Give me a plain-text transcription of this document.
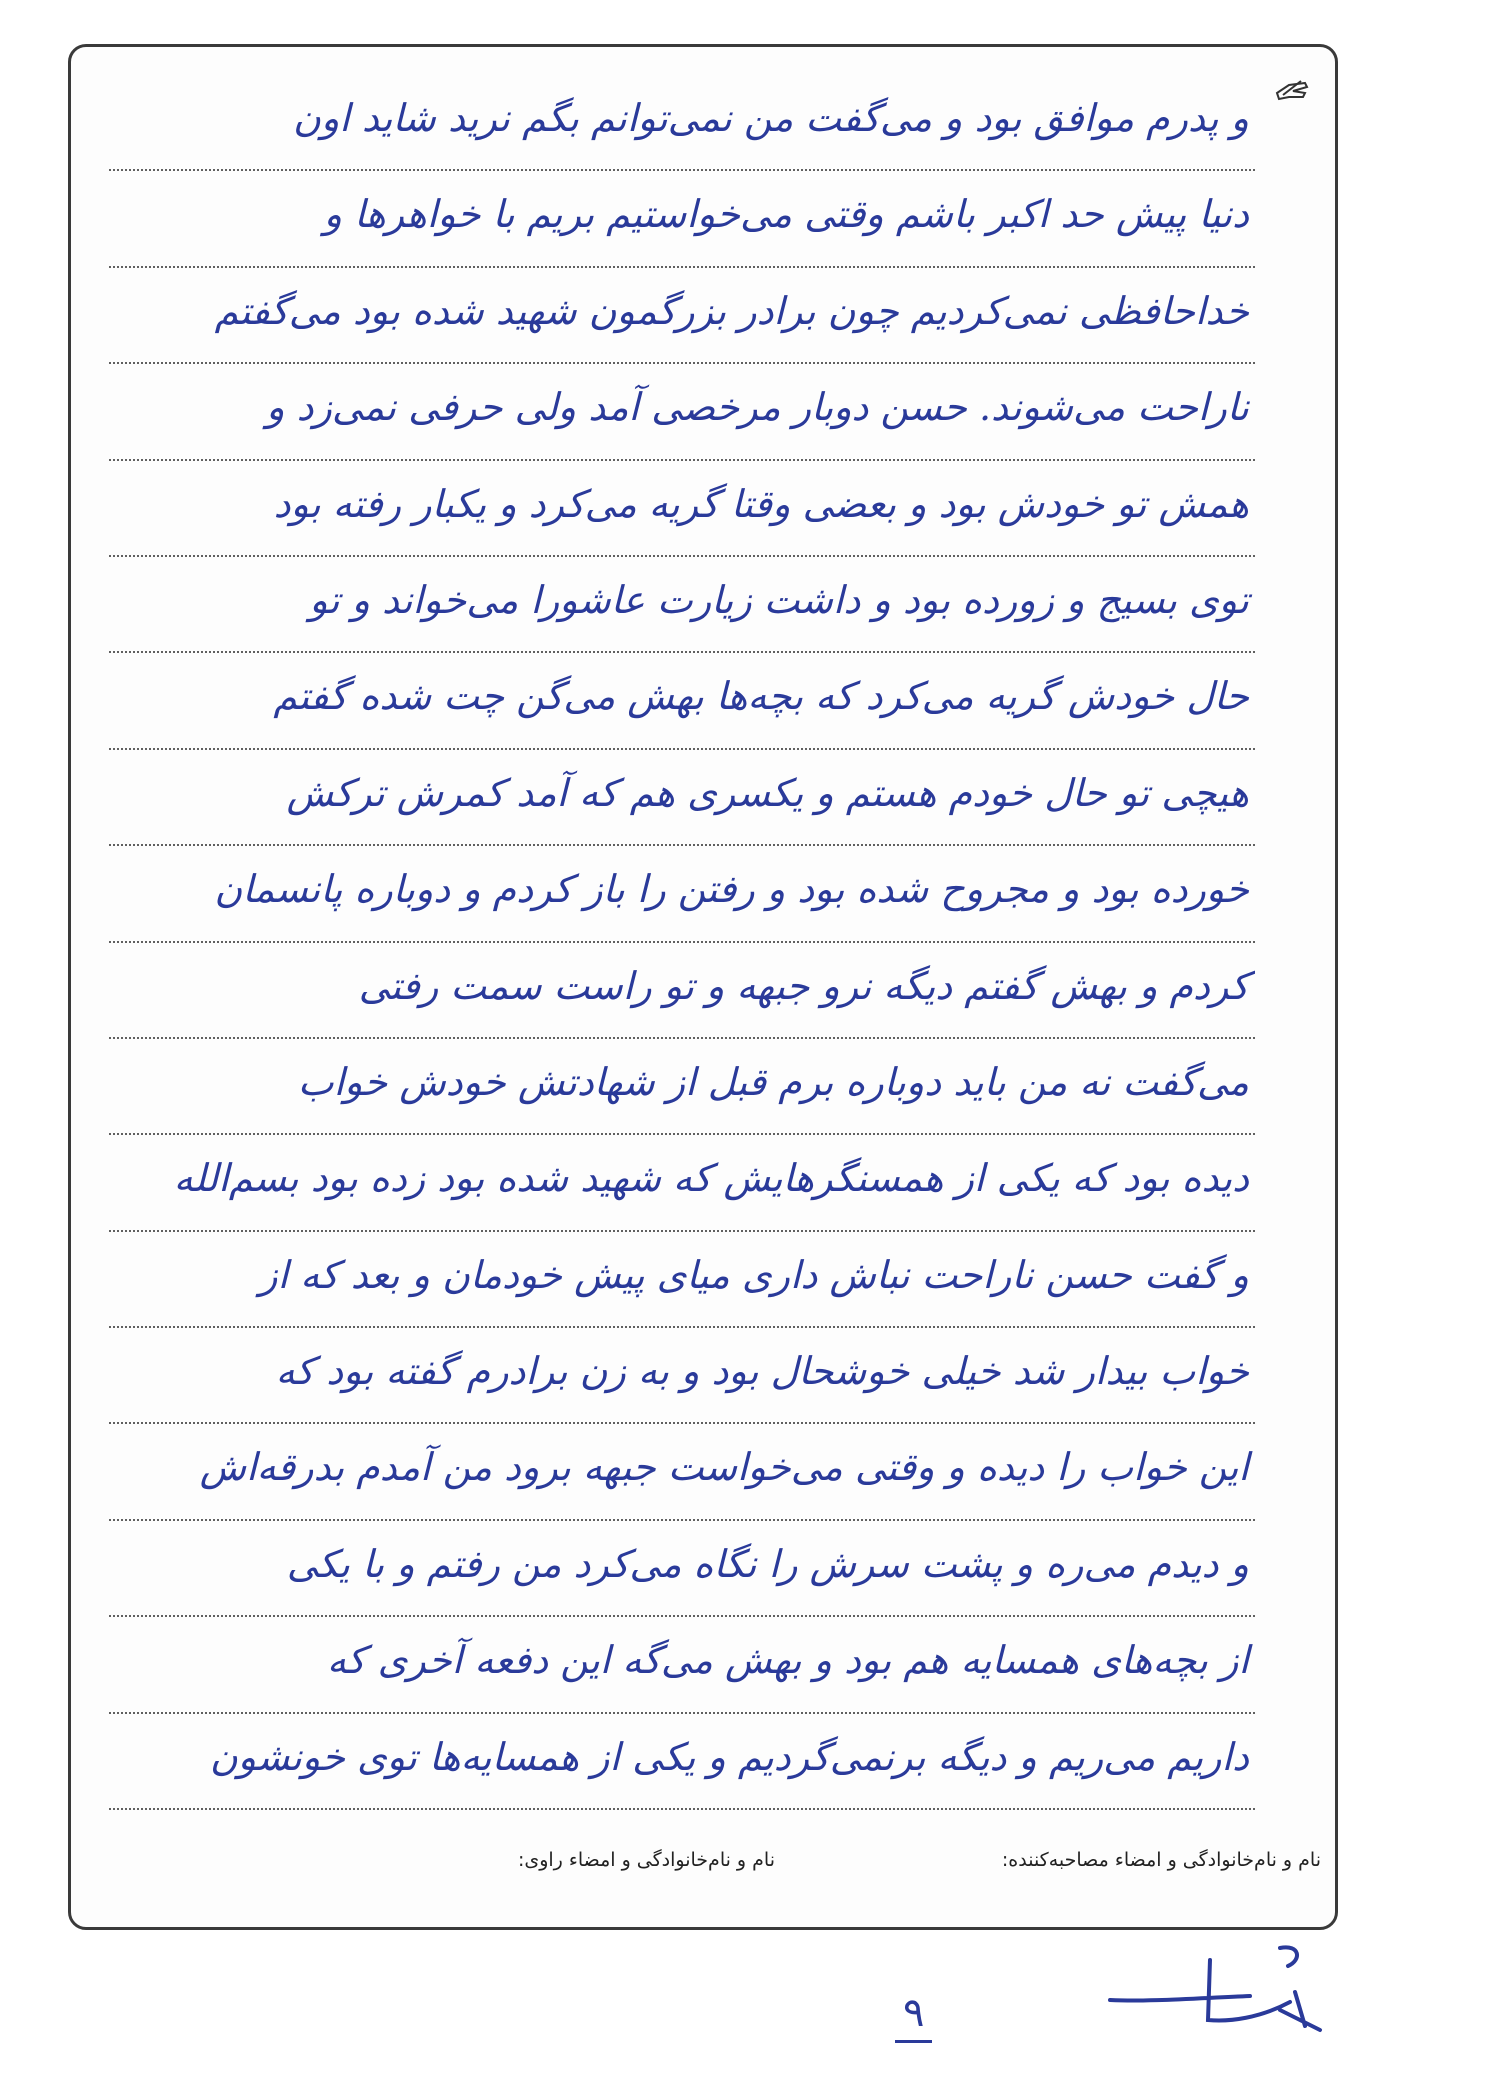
و پدرم موافق بود و می‌گفت من نمی‌توانم بگم نرید شاید اون
دنیا پیش حد اکبر باشم وقتی می‌خواستیم بریم با خواهرها و
خداحافظی نمی‌کردیم چون برادر بزرگمون شهید شده بود می‌گفتم
ناراحت می‌شوند. حسن دوبار مرخصی آمد ولی حرفی نمی‌زد و
همش تو خودش بود و بعضی وقتا گریه می‌کرد و یکبار رفته بود
توی بسیج و زورده بود و داشت زیارت عاشورا می‌خواند و تو
حال خودش گریه می‌کرد که بچه‌ها بهش می‌گن چت شده گفتم
هیچی تو حال خودم هستم و یکسری هم که آمد کمرش ترکش
خورده بود و مجروح شده بود و رفتن را باز کردم و دوباره پانسمان
کردم و بهش گفتم دیگه نرو جبهه و تو راست سمت رفتی
می‌گفت نه من باید دوباره برم قبل از شهادتش خودش خواب
دیده بود که یکی از همسنگرهایش که شهید شده بود زده بود بسم‌الله
و گفت حسن ناراحت نباش داری میای پیش خودمان و بعد که از
خواب بیدار شد خیلی خوشحال بود و به زن برادرم گفته بود که
این خواب را دیده و وقتی می‌خواست جبهه برود من آمدم بدرقه‌اش
و دیدم می‌ره و پشت سرش را نگاه می‌کرد من رفتم و با یکی
از بچه‌های همسایه هم بود و بهش می‌گه این دفعه آخری که
داریم می‌ریم و دیگه برنمی‌گردیم و یکی از همسایه‌ها توی خونشون
نام و نام‌خانوادگی و امضاء مصاحبه‌کننده:
نام و نام‌خانوادگی و امضاء راوی:
۹
